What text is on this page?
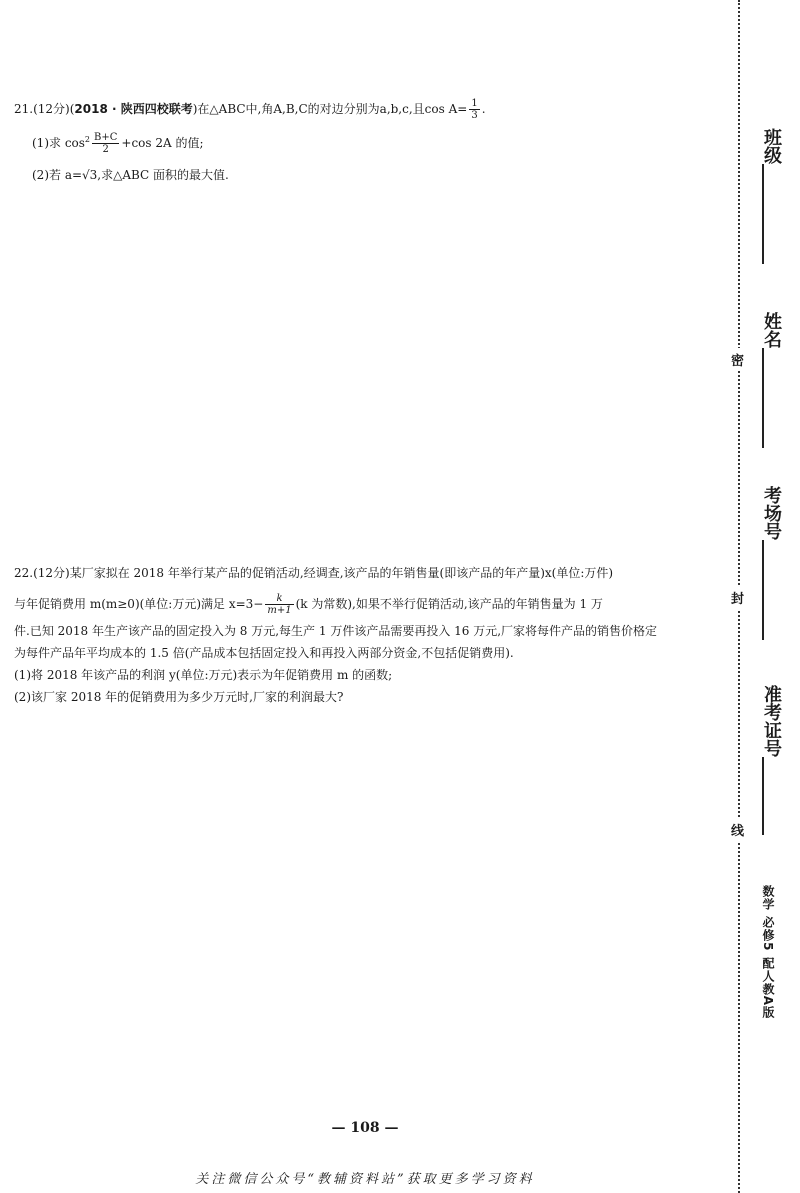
21.(12分)(2018 · 陕西四校联考)在△ABC中,角A,B,C的对边分别为a,b,c,且$\cos A= \frac{1}{3}$ .
(1)求 $\cos^2 \frac{B+C}{2} +\cos$ 2A 的值;
(2)若 a=√3,求△ABC 面积的最大值.
22.(12分)某厂家拟在 2018 年举行某产品的促销活动,经调查,该产品的年销售量(即该产品的年产量)x(单位:万件)
与年促销费用 m(m≥0)(单位:万元)满足 $x=3- \frac{k}{m+1} (k$ 为常数),如果不举行促销活动,该产品的年销售量为 1 万
件.已知 2018 年生产该产品的固定投入为 8 万元,每生产 1 万件该产品需要再投入 16 万元,厂家将每件产品的销售价格定
为每件产品年平均成本的 1.5 倍(产品成本包括固定投入和再投入两部分资金,不包括促销费用).
(1)将 2018 年该产品的利润 y(单位:万元)表示为年促销费用 m 的函数;
(2)该厂家 2018 年的促销费用为多少万元时,厂家的利润最大?
密
封
线
班级
姓名
考场号
准考证号
数学 必修5 配人教A版
— 108 —
关注微信公众号“教辅资料站”获取更多学习资料
